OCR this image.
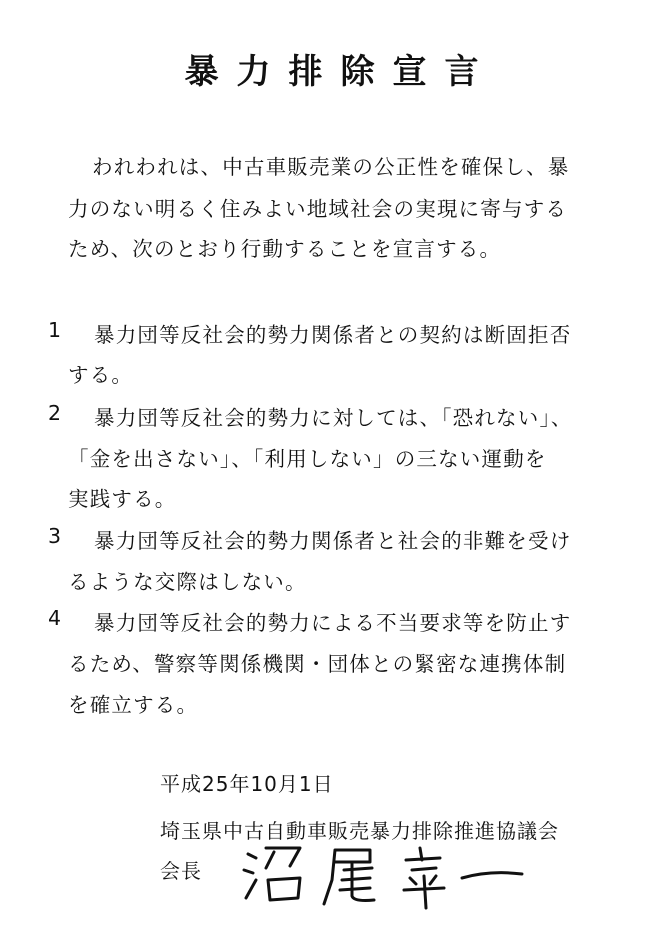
暴力排除宣言
われわれは、中古車販売業の公正性を確保し、暴
力のない明るく住みよい地域社会の実現に寄与する
ため、次のとおり行動することを宣言する。
1 暴力団等反社会的勢力関係者との契約は断固拒否
する。
2 暴力団等反社会的勢力に対しては、「恐れない」、
「金を出さない」、「利用しない」の三ない運動を
実践する。
3 暴力団等反社会的勢力関係者と社会的非難を受け
るような交際はしない。
4 暴力団等反社会的勢力による不当要求等を防止す
るため、警察等関係機関・団体との緊密な連携体制
を確立する。
平成25年10月1日
埼玉県中古自動車販売暴力排除推進協議会
会長
